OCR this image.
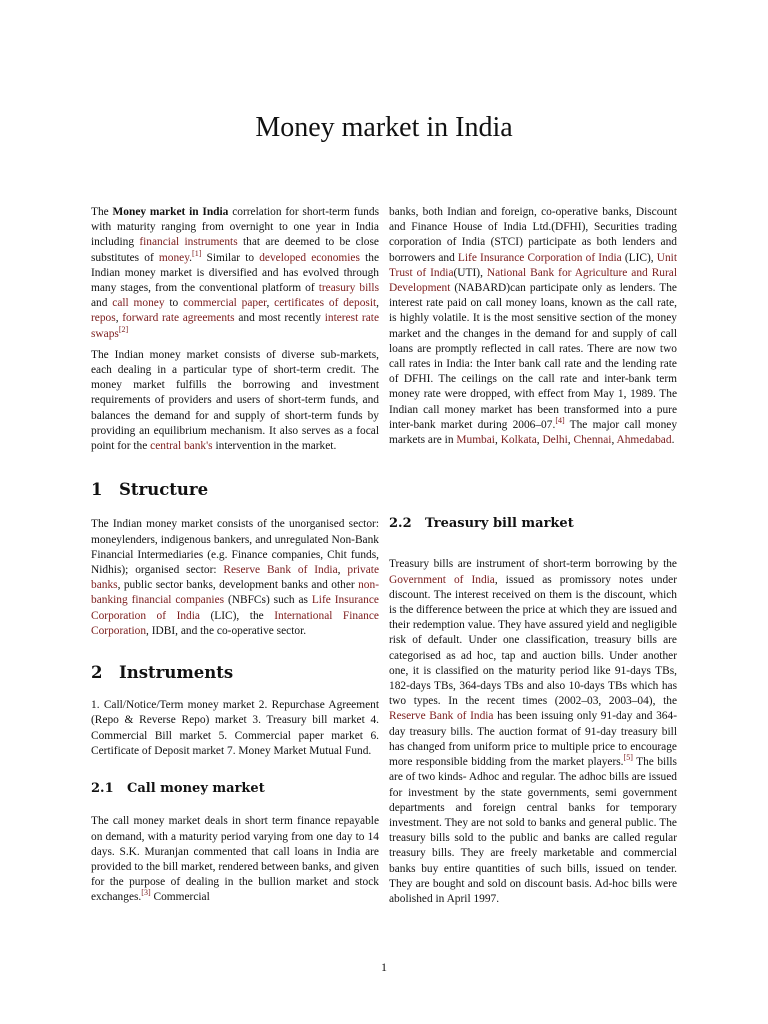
Money market in India

The Money market in India correlation for short-term funds with maturity ranging from overnight to one year in India including financial instruments that are deemed to be close substitutes of money.[1] Similar to developed economies the Indian money market is diversified and has evolved through many stages, from the conventional platform of treasury bills and call money to commercial paper, certificates of deposit, repos, forward rate agreements and most recently interest rate swaps[2]

The Indian money market consists of diverse sub-markets, each dealing in a particular type of short-term credit. The money market fulfills the borrowing and investment requirements of providers and users of short-term funds, and balances the demand for and supply of short-term funds by providing an equilibrium mechanism. It also serves as a focal point for the central bank's intervention in the market.

1 Structure

The Indian money market consists of the unorganised sector: moneylenders, indigenous bankers, and unregulated Non-Bank Financial Intermediaries (e.g. Finance companies, Chit funds, Nidhis); organised sector: Reserve Bank of India, private banks, public sector banks, development banks and other non-banking financial companies (NBFCs) such as Life Insurance Corporation of India (LIC), the International Finance Corporation, IDBI, and the co-operative sector.

2 Instruments

1. Call/Notice/Term money market 2. Repurchase Agreement (Repo & Reverse Repo) market 3. Treasury bill market 4. Commercial Bill market 5. Commercial paper market 6. Certificate of Deposit market 7. Money Market Mutual Fund.

2.1 Call money market

The call money market deals in short term finance repayable on demand, with a maturity period varying from one day to 14 days. S.K. Muranjan commented that call loans in India are provided to the bill market, rendered between banks, and given for the purpose of dealing in the bullion market and stock exchanges.[3] Commercial

banks, both Indian and foreign, co-operative banks, Discount and Finance House of India Ltd.(DFHI), Securities trading corporation of India (STCI) participate as both lenders and borrowers and Life Insurance Corporation of India (LIC), Unit Trust of India(UTI), National Bank for Agriculture and Rural Development (NABARD)can participate only as lenders. The interest rate paid on call money loans, known as the call rate, is highly volatile. It is the most sensitive section of the money market and the changes in the demand for and supply of call loans are promptly reflected in call rates. There are now two call rates in India: the Inter bank call rate and the lending rate of DFHI. The ceilings on the call rate and inter-bank term money rate were dropped, with effect from May 1, 1989. The Indian call money market has been transformed into a pure inter-bank market during 2006–07.[4] The major call money markets are in Mumbai, Kolkata, Delhi, Chennai, Ahmedabad.

2.2 Treasury bill market

Treasury bills are instrument of short-term borrowing by the Government of India, issued as promissory notes under discount. The interest received on them is the discount, which is the difference between the price at which they are issued and their redemption value. They have assured yield and negligible risk of default. Under one classification, treasury bills are categorised as ad hoc, tap and auction bills. Under another one, it is classified on the maturity period like 91-days TBs, 182-days TBs, 364-days TBs and also 10-days TBs which has two types. In the recent times (2002–03, 2003–04), the Reserve Bank of India has been issuing only 91-day and 364-day treasury bills. The auction format of 91-day treasury bill has changed from uniform price to multiple price to encourage more responsible bidding from the market players.[5] The bills are of two kinds- Adhoc and regular. The adhoc bills are issued for investment by the state governments, semi government departments and foreign central banks for temporary investment. They are not sold to banks and general public. The treasury bills sold to the public and banks are called regular treasury bills. They are freely marketable and commercial banks buy entire quantities of such bills, issued on tender. They are bought and sold on discount basis. Ad-hoc bills were abolished in April 1997.

1
